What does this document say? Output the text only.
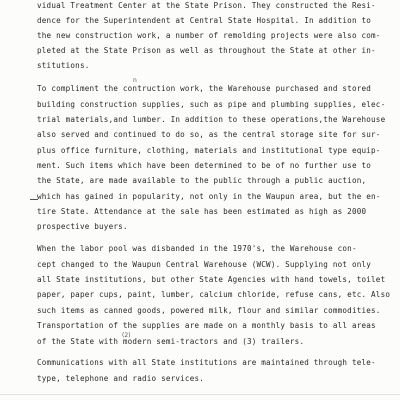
vidual Treatment Center at the State Prison. They constructed the Resi-
dence for the Superintendent at Central State Hospital. In addition to
the new construction work, a number of remolding projects were also com-
pleted at the State Prison as well as throughout the State at other in-
stitutions.
n
To compliment the contruction work, the Warehouse purchased and stored
building construction supplies, such as pipe and plumbing supplies, elec-
trial materials,and lumber. In addition to these operations,the Warehouse
also served and continued to do so, as the central storage site for sur-
plus office furniture, clothing, materials and institutional type equip-
ment. Such items which have been determined to be of no further use to
the State, are made available to the public through a public auction,
which has gained in popularity, not only in the Waupun area, but the en-
tire State. Attendance at the sale has been estimated as high as 2000
prospective buyers.
When the labor pool was disbanded in the 1970's, the Warehouse con-
cept changed to the Waupun Central Warehouse (WCW). Supplying not only
all State institutions, but other State Agencies with hand towels, toilet
paper, paper cups, paint, lumber, calcium chloride, refuse cans, etc. Also
such items as canned goods, powered milk, flour and similar commodities.
Transportation of the supplies are made on a monthly basis to all areas
(2)
of the State with modern semi-tractors and (3) trailers.
Communications with all State institutions are maintained through tele-
type, telephone and radio services.
